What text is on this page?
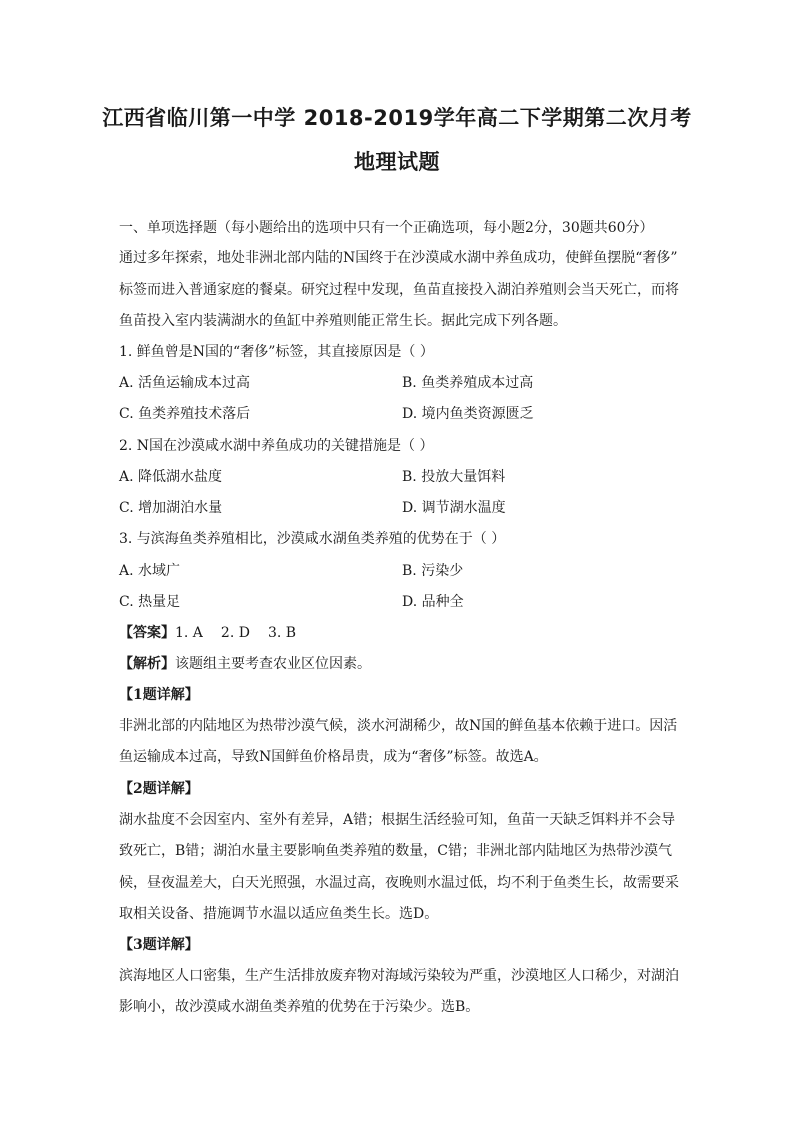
江西省临川第一中学 2018-2019学年高二下学期第二次月考
地理试题
一、单项选择题（每小题给出的选项中只有一个正确选项，每小题2分，30题共60分）
通过多年探索，地处非洲北部内陆的N国终于在沙漠咸水湖中养鱼成功，使鲜鱼摆脱“奢侈”
标签而进入普通家庭的餐桌。研究过程中发现，鱼苗直接投入湖泊养殖则会当天死亡，而将
鱼苗投入室内装满湖水的鱼缸中养殖则能正常生长。据此完成下列各题。
1. 鲜鱼曾是N国的“奢侈”标签，其直接原因是（ ）
A. 活鱼运输成本过高	B. 鱼类养殖成本过高
C. 鱼类养殖技术落后	D. 境内鱼类资源匮乏
2. N国在沙漠咸水湖中养鱼成功的关键措施是（ ）
A. 降低湖水盐度	B. 投放大量饵料
C. 增加湖泊水量	D. 调节湖水温度
3. 与滨海鱼类养殖相比，沙漠咸水湖鱼类养殖的优势在于（ ）
A. 水域广	B. 污染少
C. 热量足	D. 品种全
【答案】1. A 2. D 3. B
【解析】该题组主要考查农业区位因素。
【1题详解】
非洲北部的内陆地区为热带沙漠气候，淡水河湖稀少，故N国的鲜鱼基本依赖于进口。因活
鱼运输成本过高，导致N国鲜鱼价格昂贵，成为“奢侈”标签。故选A。
【2题详解】
湖水盐度不会因室内、室外有差异，A错；根据生活经验可知，鱼苗一天缺乏饵料并不会导
致死亡，B错；湖泊水量主要影响鱼类养殖的数量，C错；非洲北部内陆地区为热带沙漠气
候，昼夜温差大，白天光照强，水温过高，夜晚则水温过低，均不利于鱼类生长，故需要采
取相关设备、措施调节水温以适应鱼类生长。选D。
【3题详解】
滨海地区人口密集，生产生活排放废弃物对海域污染较为严重，沙漠地区人口稀少，对湖泊
影响小，故沙漠咸水湖鱼类养殖的优势在于污染少。选B。
